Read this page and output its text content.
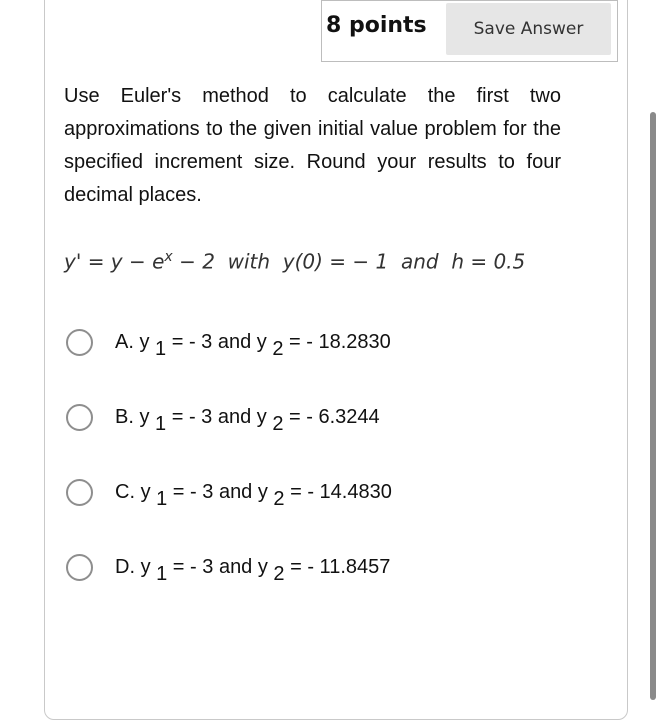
8 points	Save Answer

Use Euler's method to calculate the first two approximations to the given initial value problem for the specified increment size. Round your results to four decimal places.

$y' = y - e^x - 2$  with  y(0) = − 1  and  h = 0.5
A. y $_1$ = - 3 and y $_2$ = - 18.2830
B. y $_1$ = - 3 and y $_2$ = - 6.3244
C. y $_1$ = - 3 and y $_2$ = - 14.4830
D. y $_1$ = - 3 and y $_2$ = - 11.8457
